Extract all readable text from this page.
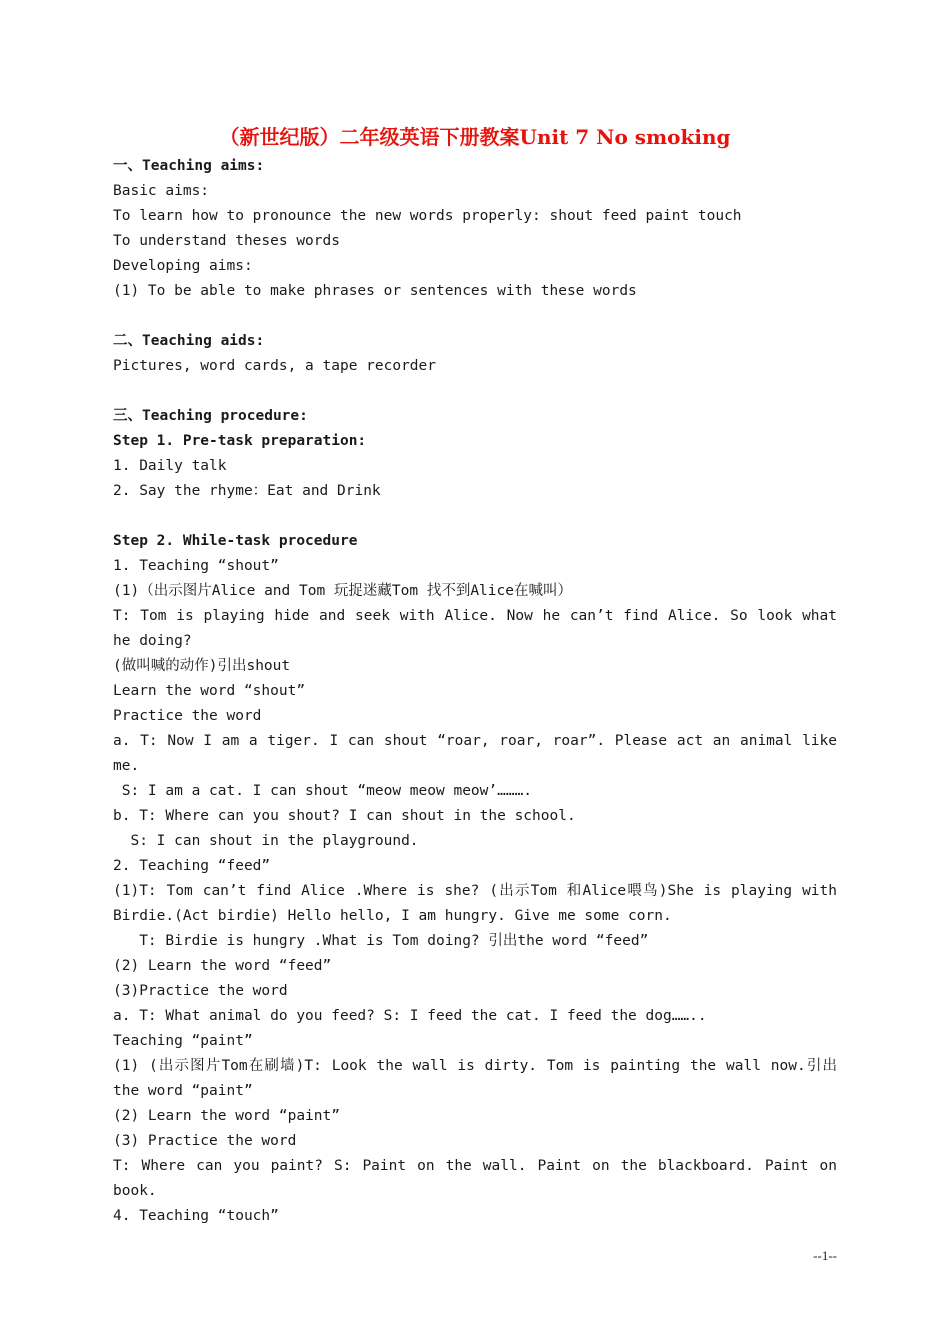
（新世纪版）二年级英语下册教案Unit 7 No smoking
一、Teaching aims:
Basic aims:
To learn how to pronounce the new words properly: shout feed paint touch
To understand theses words
Developing aims:
(1) To be able to make phrases or sentences with these words
二、Teaching aids:
Pictures, word cards, a tape recorder
三、Teaching procedure:
Step 1. Pre-task preparation:
1. Daily talk
2. Say the rhyme：Eat and Drink
Step 2. While-task procedure
1. Teaching “shout”
(1)（出示图片Alice and Tom 玩捉迷藏Tom 找不到Alice在喊叫）
T: Tom is playing hide and seek with Alice. Now he can’t find Alice. So look what
he doing?
(做叫喊的动作)引出shout
Learn the word “shout”
Practice the word
a. T: Now I am a tiger. I can shout “roar, roar, roar”. Please act an animal like
me.
S: I am a cat. I can shout “meow meow meow’……….
b. T: Where can you shout? I can shout in the school.
S: I can shout in the playground.
2. Teaching “feed”
(1)T: Tom can’t find Alice .Where is she? (出示Tom 和Alice喂鸟)She is playing with
Birdie.(Act birdie) Hello hello, I am hungry. Give me some corn.
T: Birdie is hungry .What is Tom doing? 引出the word “feed”
(2) Learn the word “feed”
(3)Practice the word
a. T: What animal do you feed? S: I feed the cat. I feed the dog……..
Teaching “paint”
(1) (出示图片Tom在刷墙)T: Look the wall is dirty. Tom is painting the wall now.引出
the word “paint”
(2) Learn the word “paint”
(3) Practice the word
T: Where can you paint? S: Paint on the wall. Paint on the blackboard. Paint on
book.
4. Teaching “touch”
--1--
